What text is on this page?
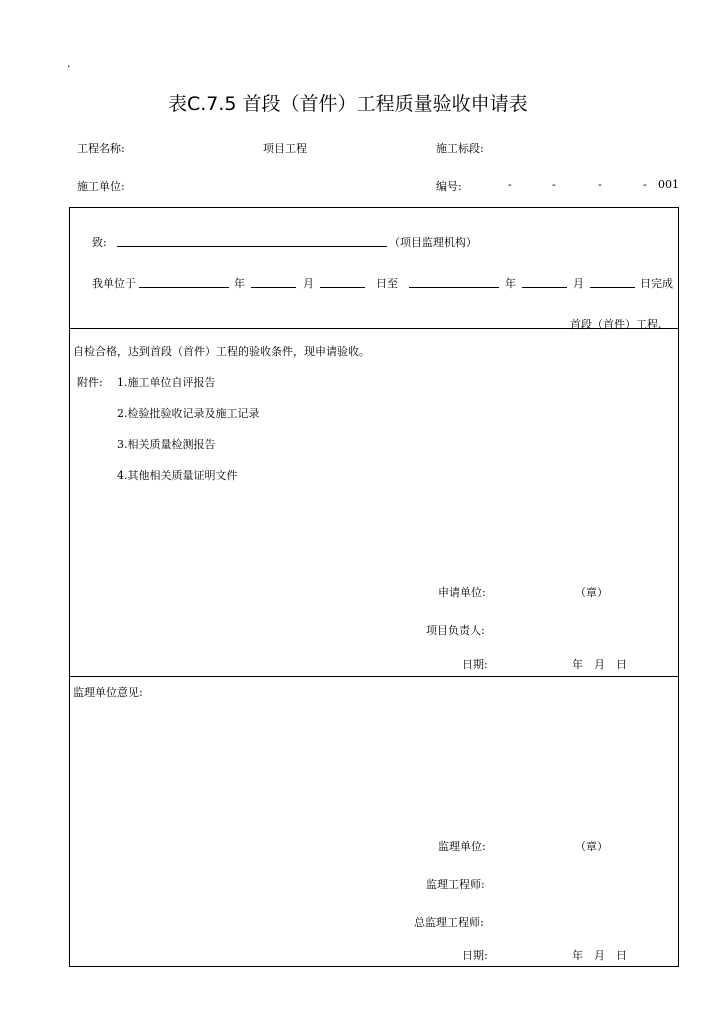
·
表C.7.5 首段（首件）工程质量验收申请表
工程名称:	项目工程	施工标段:
施工单位:	编号:	-	-	-	- 001
致:	（项目监理机构）
我单位于	年	月	日至	年	月	日完成
首段（首件）工程,
自检合格，达到首段（首件）工程的验收条件，现申请验收。
附件: 1.施工单位自评报告
2.检验批验收记录及施工记录
3.相关质量检测报告
4.其他相关质量证明文件
申请单位:	（章）
项目负责人:
日期:	年　月　日
监理单位意见:
监理单位:	（章）
监理工程师:
总监理工程师:
日期:	年　月　日
